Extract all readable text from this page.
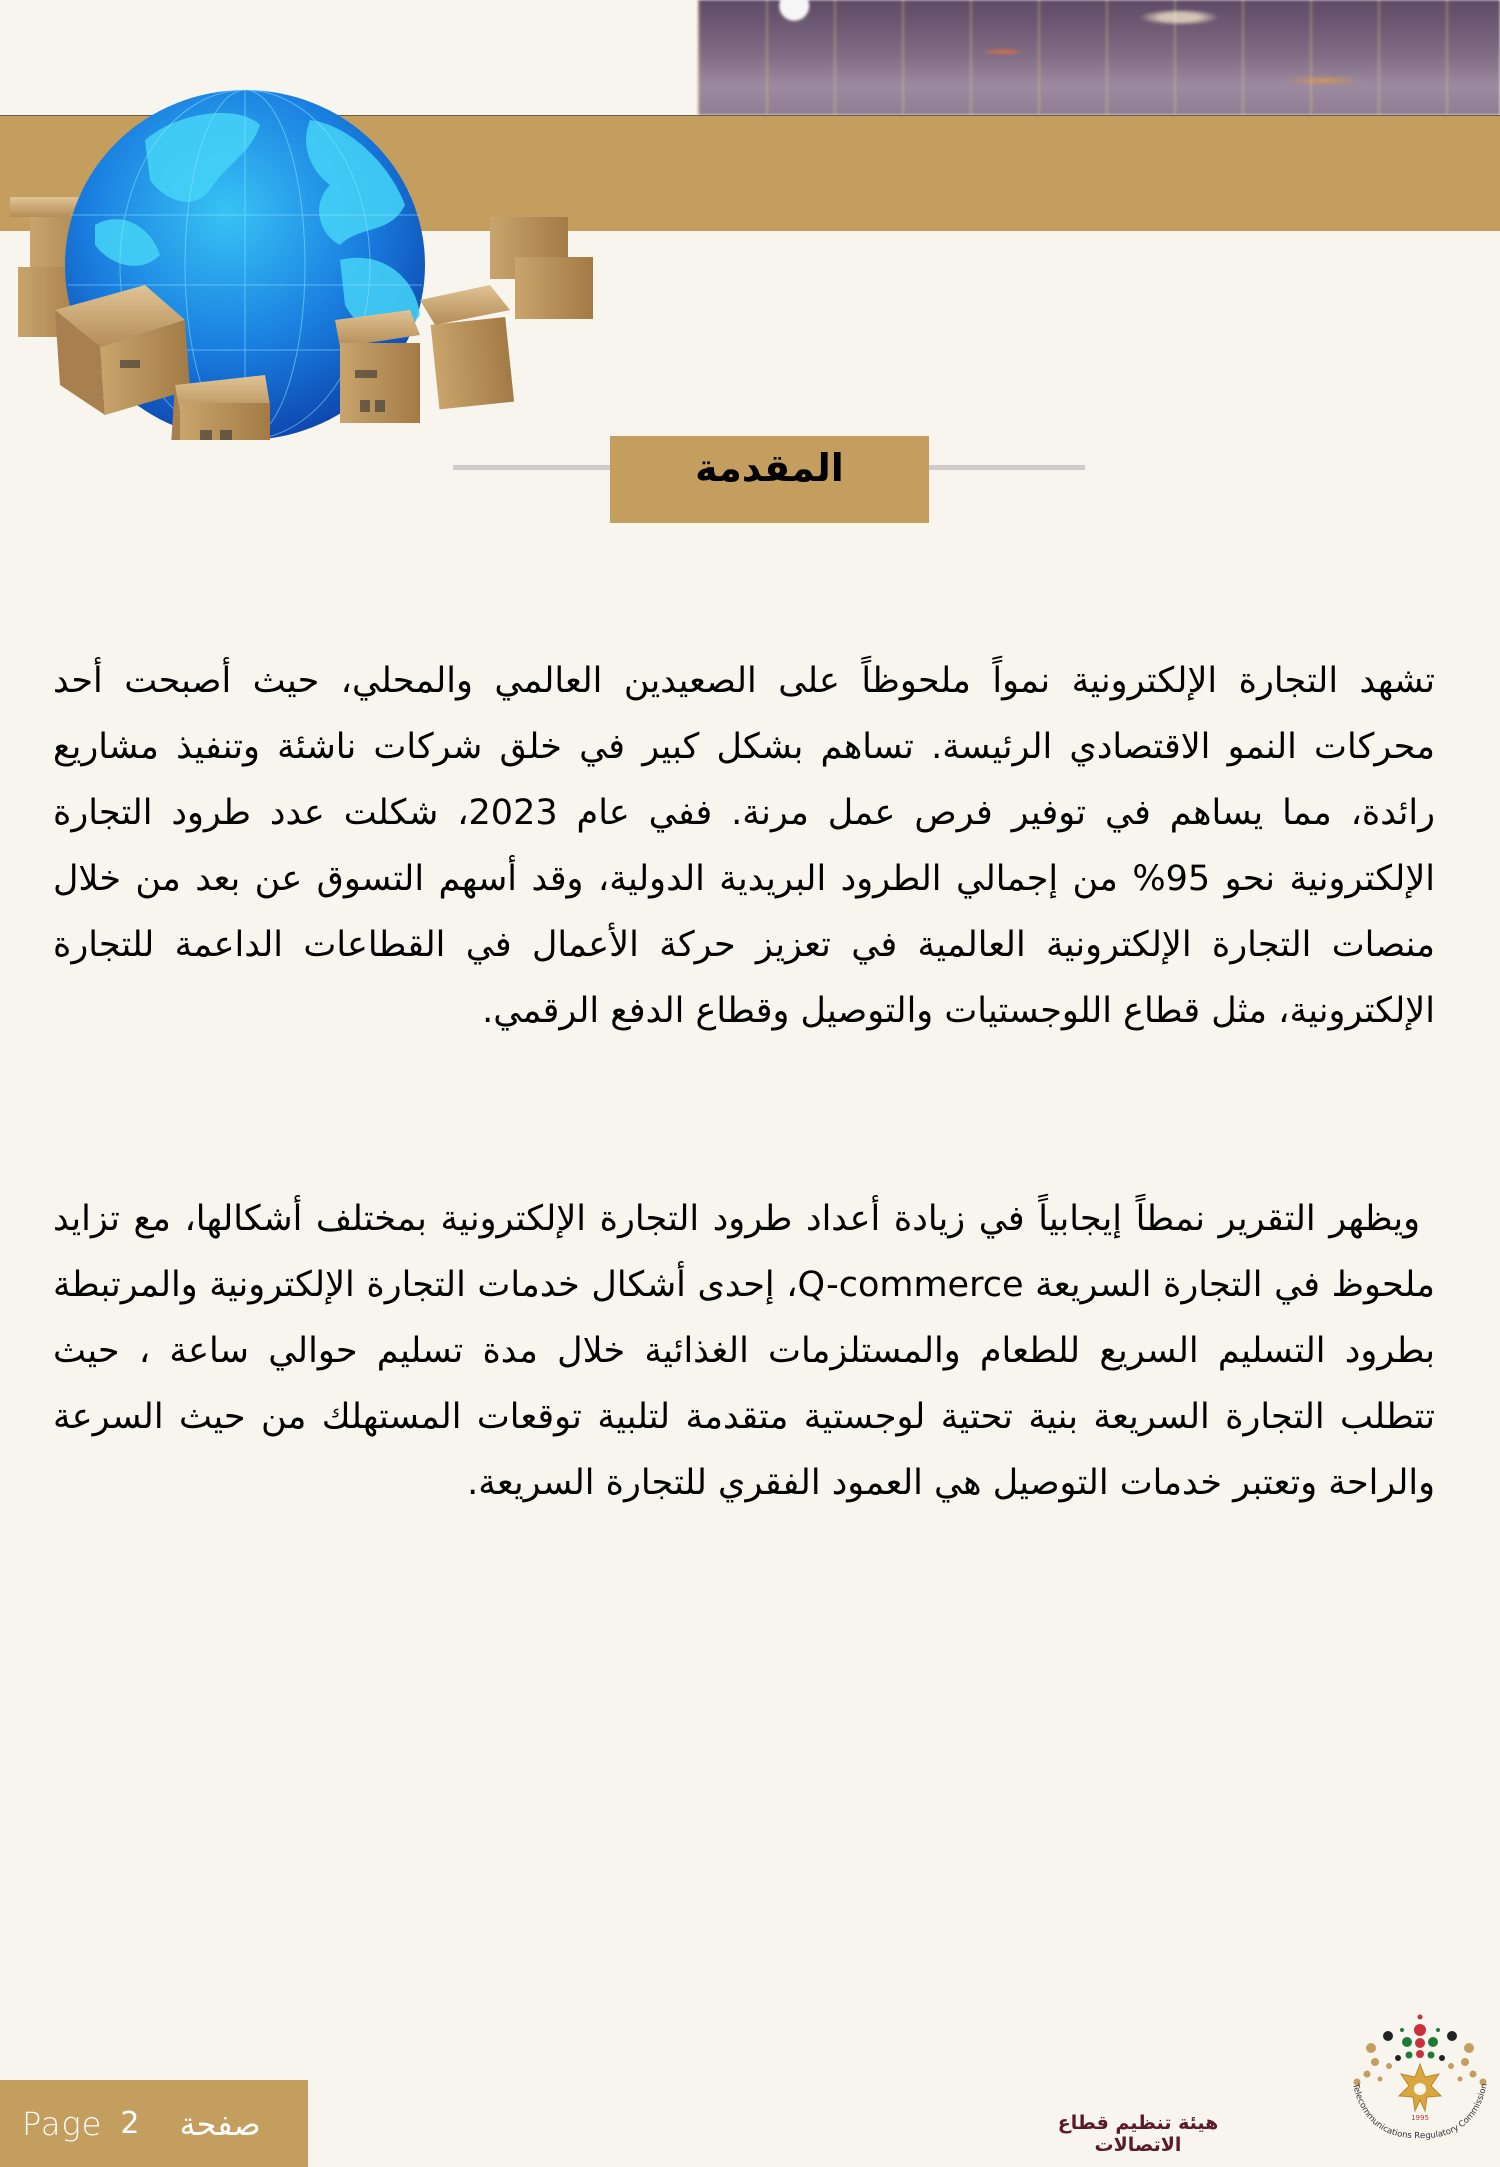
المقدمة

تشهد التجارة الإلكترونية نمواً ملحوظاً على الصعيدين العالمي والمحلي، حيث أصبحت أحد محركات النمو الاقتصادي الرئيسة. تساهم بشكل كبير في خلق شركات ناشئة وتنفيذ مشاريع رائدة، مما يساهم في توفير فرص عمل مرنة. ففي عام 2023، شكلت عدد طرود التجارة الإلكترونية نحو 95% من إجمالي الطرود البريدية الدولية، وقد أسهم التسوق عن بعد من خلال منصات التجارة الإلكترونية العالمية في تعزيز حركة الأعمال في القطاعات الداعمة للتجارة الإلكترونية، مثل قطاع اللوجستيات والتوصيل وقطاع الدفع الرقمي.

ويظهر التقرير نمطاً إيجابياً في زيادة أعداد طرود التجارة الإلكترونية بمختلف أشكالها، مع تزايد ملحوظ في التجارة السريعة Q-commerce، إحدى أشكال خدمات التجارة الإلكترونية والمرتبطة بطرود التسليم السريع للطعام والمستلزمات الغذائية خلال مدة تسليم حوالي ساعة ، حيث تتطلب التجارة السريعة بنية تحتية لوجستية متقدمة لتلبية توقعات المستهلك من حيث السرعة والراحة وتعتبر خدمات التوصيل هي العمود الفقري للتجارة السريعة.

Page 2 صفحة	هيئة تنظيم قطاع الاتصالات
1995
Telecommunications Regulatory Commission
